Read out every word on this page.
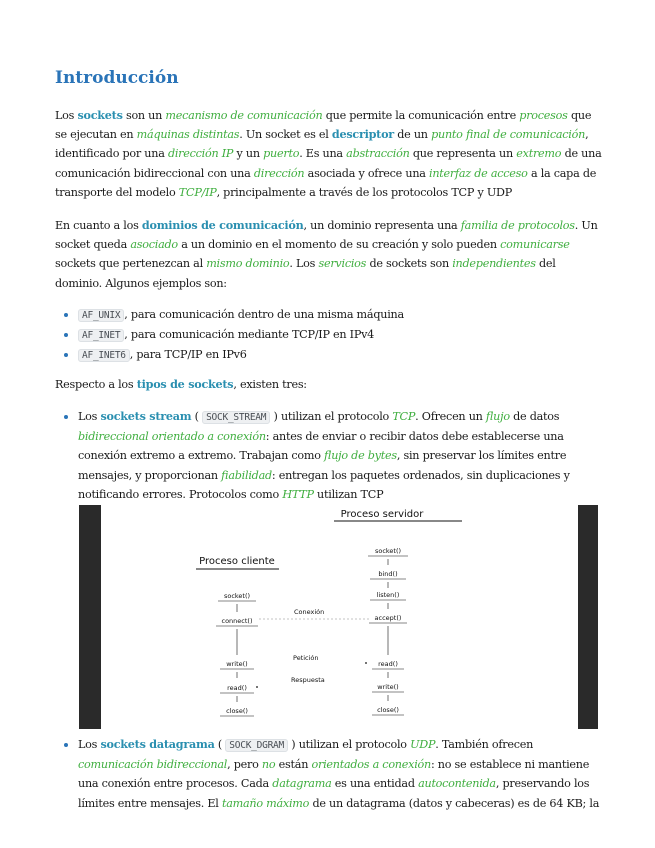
Introducción

Los sockets son un mecanismo de comunicación que permite la comunicación entre procesos que se ejecutan en máquinas distintas. Un socket es el descriptor de un punto final de comunicación, identificado por una dirección IP y un puerto. Es una abstracción que representa un extremo de una comunicación bidireccional con una dirección asociada y ofrece una interfaz de acceso a la capa de transporte del modelo TCP/IP, principalmente a través de los protocolos TCP y UDP

En cuanto a los dominios de comunicación, un dominio representa una familia de protocolos. Un socket queda asociado a un dominio en el momento de su creación y solo pueden comunicarse sockets que pertenezcan al mismo dominio. Los servicios de sockets son independientes del dominio. Algunos ejemplos son:

AF_UNIX , para comunicación dentro de una misma máquina
AF_INET , para comunicación mediante TCP/IP en IPv4
AF_INET6 , para TCP/IP en IPv6

Respecto a los tipos de sockets, existen tres:

Los sockets stream ( SOCK_STREAM ) utilizan el protocolo TCP. Ofrecen un flujo de datos bidireccional orientado a conexión: antes de enviar o recibir datos debe establecerse una conexión extremo a extremo. Trabajan como flujo de bytes, sin preservar los límites entre mensajes, y proporcionan fiabilidad: entregan los paquetes ordenados, sin duplicaciones y notificando errores. Protocolos como HTTP utilizan TCP
Proceso servidor
Proceso cliente
socket()
bind()
listen()
accept()
read()
write()
close()
socket()
connect()
write()
read()
close()
Conexión
Petición
Respuesta
Los sockets datagrama ( SOCK_DGRAM ) utilizan el protocolo UDP. También ofrecen comunicación bidireccional, pero no están orientados a conexión: no se establece ni mantiene una conexión entre procesos. Cada datagrama es una entidad autocontenida, preservando los límites entre mensajes. El tamaño máximo de un datagrama (datos y cabeceras) es de 64 KB; la
